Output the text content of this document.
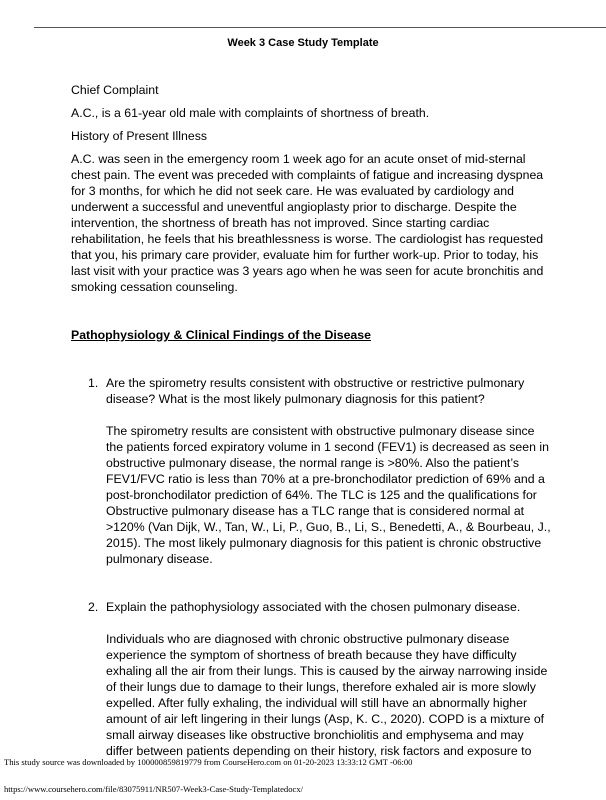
Week 3 Case Study Template

Chief Complaint

A.C., is a 61-year old male with complaints of shortness of breath.

History of Present Illness

A.C. was seen in the emergency room 1 week ago for an acute onset of mid-sternal chest pain. The event was preceded with complaints of fatigue and increasing dyspnea for 3 months, for which he did not seek care. He was evaluated by cardiology and underwent a successful and uneventful angioplasty prior to discharge. Despite the intervention, the shortness of breath has not improved. Since starting cardiac rehabilitation, he feels that his breathlessness is worse. The cardiologist has requested that you, his primary care provider, evaluate him for further work-up. Prior to today, his last visit with your practice was 3 years ago when he was seen for acute bronchitis and smoking cessation counseling.

Pathophysiology & Clinical Findings of the Disease

1. Are the spirometry results consistent with obstructive or restrictive pulmonary disease? What is the most likely pulmonary diagnosis for this patient?

The spirometry results are consistent with obstructive pulmonary disease since the patients forced expiratory volume in 1 second (FEV1) is decreased as seen in obstructive pulmonary disease, the normal range is >80%. Also the patient’s FEV1/FVC ratio is less than 70% at a pre-bronchodilator prediction of 69% and a post-bronchodilator prediction of 64%. The TLC is 125 and the qualifications for Obstructive pulmonary disease has a TLC range that is considered normal at >120% (Van Dijk, W., Tan, W., Li, P., Guo, B., Li, S., Benedetti, A., & Bourbeau, J., 2015). The most likely pulmonary diagnosis for this patient is chronic obstructive pulmonary disease.

2. Explain the pathophysiology associated with the chosen pulmonary disease.

Individuals who are diagnosed with chronic obstructive pulmonary disease experience the symptom of shortness of breath because they have difficulty exhaling all the air from their lungs. This is caused by the airway narrowing inside of their lungs due to damage to their lungs, therefore exhaled air is more slowly expelled. After fully exhaling, the individual will still have an abnormally higher amount of air left lingering in their lungs (Asp, K. C., 2020). COPD is a mixture of small airway diseases like obstructive bronchiolitis and emphysema and may differ between patients depending on their history, risk factors and exposure to

This study source was downloaded by 100000859819779 from CourseHero.com on 01-20-2023 13:33:12 GMT -06:00
https://www.coursehero.com/file/83075911/NR507-Week3-Case-Study-Templatedocx/
